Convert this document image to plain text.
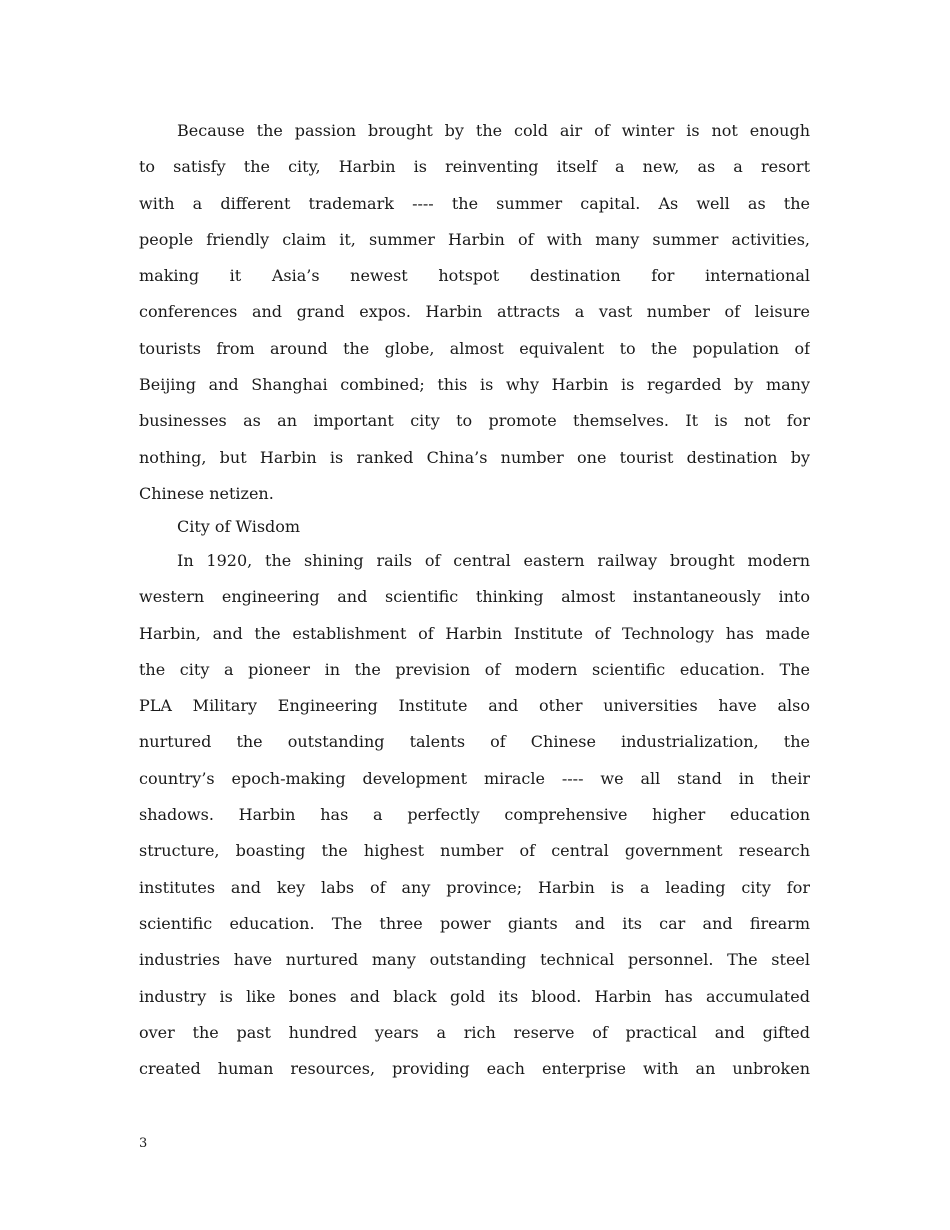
Because the passion brought by the cold air of winter is not enough
to satisfy the city, Harbin is reinventing itself a new, as a resort
with a different trademark ---- the summer capital. As well as the
people friendly claim it, summer Harbin of with many summer activities,
making it Asia’s newest hotspot destination for international
conferences and grand expos. Harbin attracts a vast number of leisure
tourists from around the globe, almost equivalent to the population of
Beijing and Shanghai combined; this is why Harbin is regarded by many
businesses as an important city to promote themselves. It is not for
nothing, but Harbin is ranked China’s number one tourist destination by
Chinese netizen.
City of Wisdom
In 1920, the shining rails of central eastern railway brought modern
western engineering and scientific thinking almost instantaneously into
Harbin, and the establishment of Harbin Institute of Technology has made
the city a pioneer in the prevision of modern scientific education. The
PLA Military Engineering Institute and other universities have also
nurtured the outstanding talents of Chinese industrialization, the
country’s epoch-making development miracle ---- we all stand in their
shadows. Harbin has a perfectly comprehensive higher education
structure, boasting the highest number of central government research
institutes and key labs of any province; Harbin is a leading city for
scientific education. The three power giants and its car and firearm
industries have nurtured many outstanding technical personnel. The steel
industry is like bones and black gold its blood. Harbin has accumulated
over the past hundred years a rich reserve of practical and gifted
created human resources, providing each enterprise with an unbroken
3
